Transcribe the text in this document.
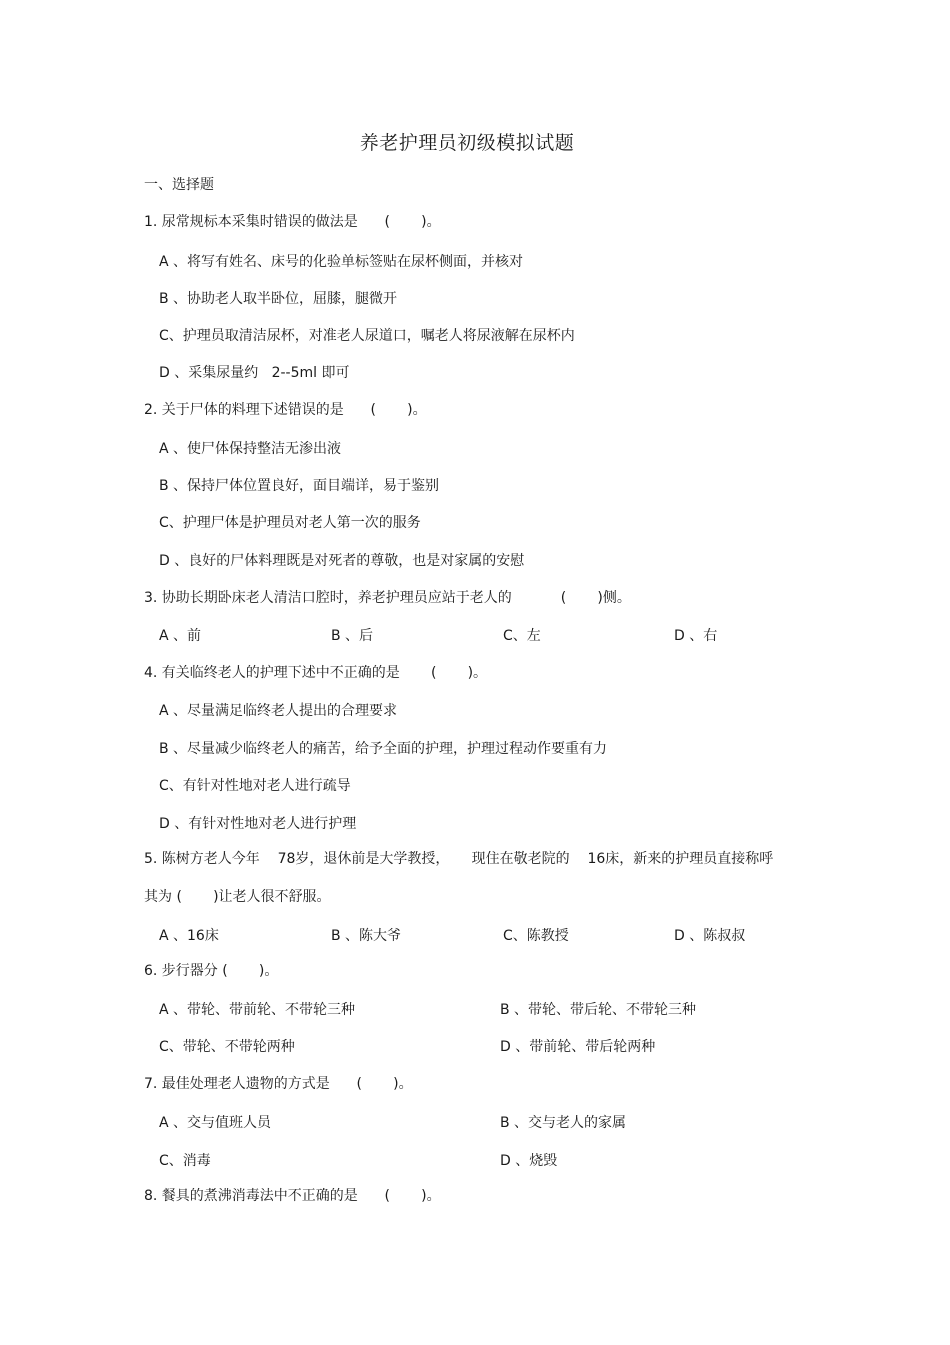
养老护理员初级模拟试题
一、选择题
1. 尿常规标本采集时错误的做法是      (       )。
A 、将写有姓名、床号的化验单标签贴在尿杯侧面，并核对
B 、协助老人取半卧位，屈膝，腿微开
C、护理员取清洁尿杯，对准老人尿道口，嘱老人将尿液解在尿杯内
D 、采集尿量约   2--5ml 即可
2. 关于尸体的料理下述错误的是      (       )。
A 、使尸体保持整洁无渗出液
B 、保持尸体位置良好，面目端详，易于鉴别
C、护理尸体是护理员对老人第一次的服务
D 、良好的尸体料理既是对死者的尊敬，也是对家属的安慰
3. 协助长期卧床老人清洁口腔时，养老护理员应站于老人的           (       )侧。
A 、前	B 、后	C、左	D 、右
4. 有关临终老人的护理下述中不正确的是       (       )。
A 、尽量满足临终老人提出的合理要求
B 、尽量减少临终老人的痛苦，给予全面的护理，护理过程动作要重有力
C、有针对性地对老人进行疏导
D 、有针对性地对老人进行护理
5. 陈树方老人今年    78岁，退休前是大学教授，     现住在敬老院的    16床，新来的护理员直接称呼
其为 (       )让老人很不舒服。
A 、16床	B 、陈大爷	C、陈教授	D 、陈叔叔
6. 步行器分 (       )。
A 、带轮、带前轮、不带轮三种	B 、带轮、带后轮、不带轮三种
C、带轮、不带轮两种	D 、带前轮、带后轮两种
7. 最佳处理老人遗物的方式是      (       )。
A 、交与值班人员	B 、交与老人的家属
C、消毒	D 、烧毁
8. 餐具的煮沸消毒法中不正确的是      (       )。
